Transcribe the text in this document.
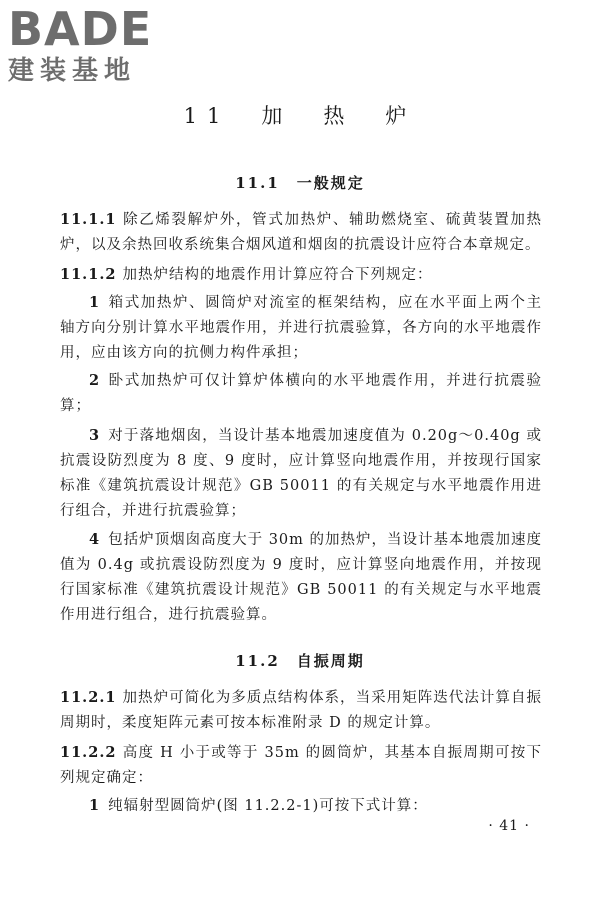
BADE
建装基地
11　加　热　炉
11.1　一般规定
11.1.1 除乙烯裂解炉外，管式加热炉、辅助燃烧室、硫黄装置加热炉，以及余热回收系统集合烟风道和烟囱的抗震设计应符合本章规定。
11.1.2 加热炉结构的地震作用计算应符合下列规定：
1 箱式加热炉、圆筒炉对流室的框架结构，应在水平面上两个主轴方向分别计算水平地震作用，并进行抗震验算，各方向的水平地震作用，应由该方向的抗侧力构件承担；
2 卧式加热炉可仅计算炉体横向的水平地震作用，并进行抗震验算；
3 对于落地烟囱，当设计基本地震加速度值为 0.20g～0.40g 或抗震设防烈度为 8 度、9 度时，应计算竖向地震作用，并按现行国家标准《建筑抗震设计规范》GB 50011 的有关规定与水平地震作用进行组合，并进行抗震验算；
4 包括炉顶烟囱高度大于 30m 的加热炉，当设计基本地震加速度值为 0.4g 或抗震设防烈度为 9 度时，应计算竖向地震作用，并按现行国家标准《建筑抗震设计规范》GB 50011 的有关规定与水平地震作用进行组合，进行抗震验算。
11.2　自振周期
11.2.1 加热炉可简化为多质点结构体系，当采用矩阵迭代法计算自振周期时，柔度矩阵元素可按本标准附录 D 的规定计算。
11.2.2 高度 H 小于或等于 35m 的圆筒炉，其基本自振周期可按下列规定确定：
1 纯辐射型圆筒炉(图 11.2.2-1)可按下式计算：
· 41 ·
